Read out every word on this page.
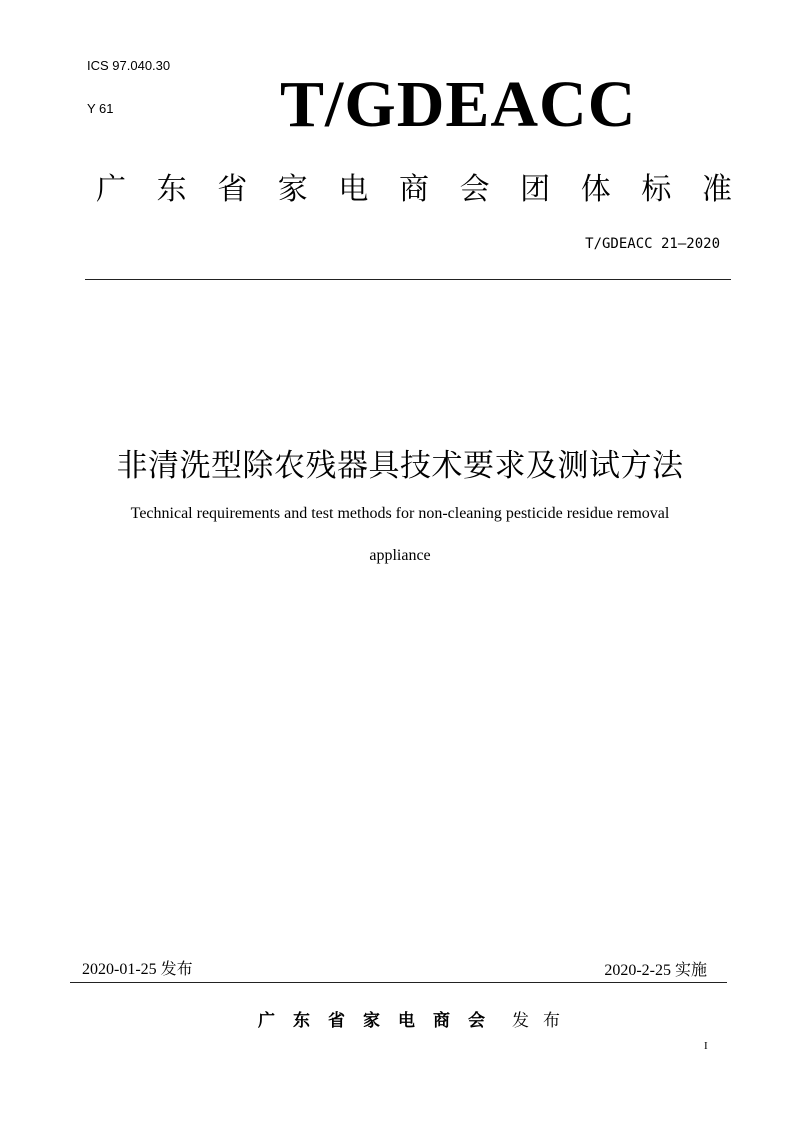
ICS 97.040.30
Y 61	T/GDEACC
广 东 省 家 电 商 会 团 体 标 准
T/GDEACC 21—2020
非清洗型除农残器具技术要求及测试方法
Technical requirements and test methods for non-cleaning pesticide residue removal
appliance
2020-01-25 发布	2020-2-25 实施
广 东 省 家 电 商 会 发 布
I
